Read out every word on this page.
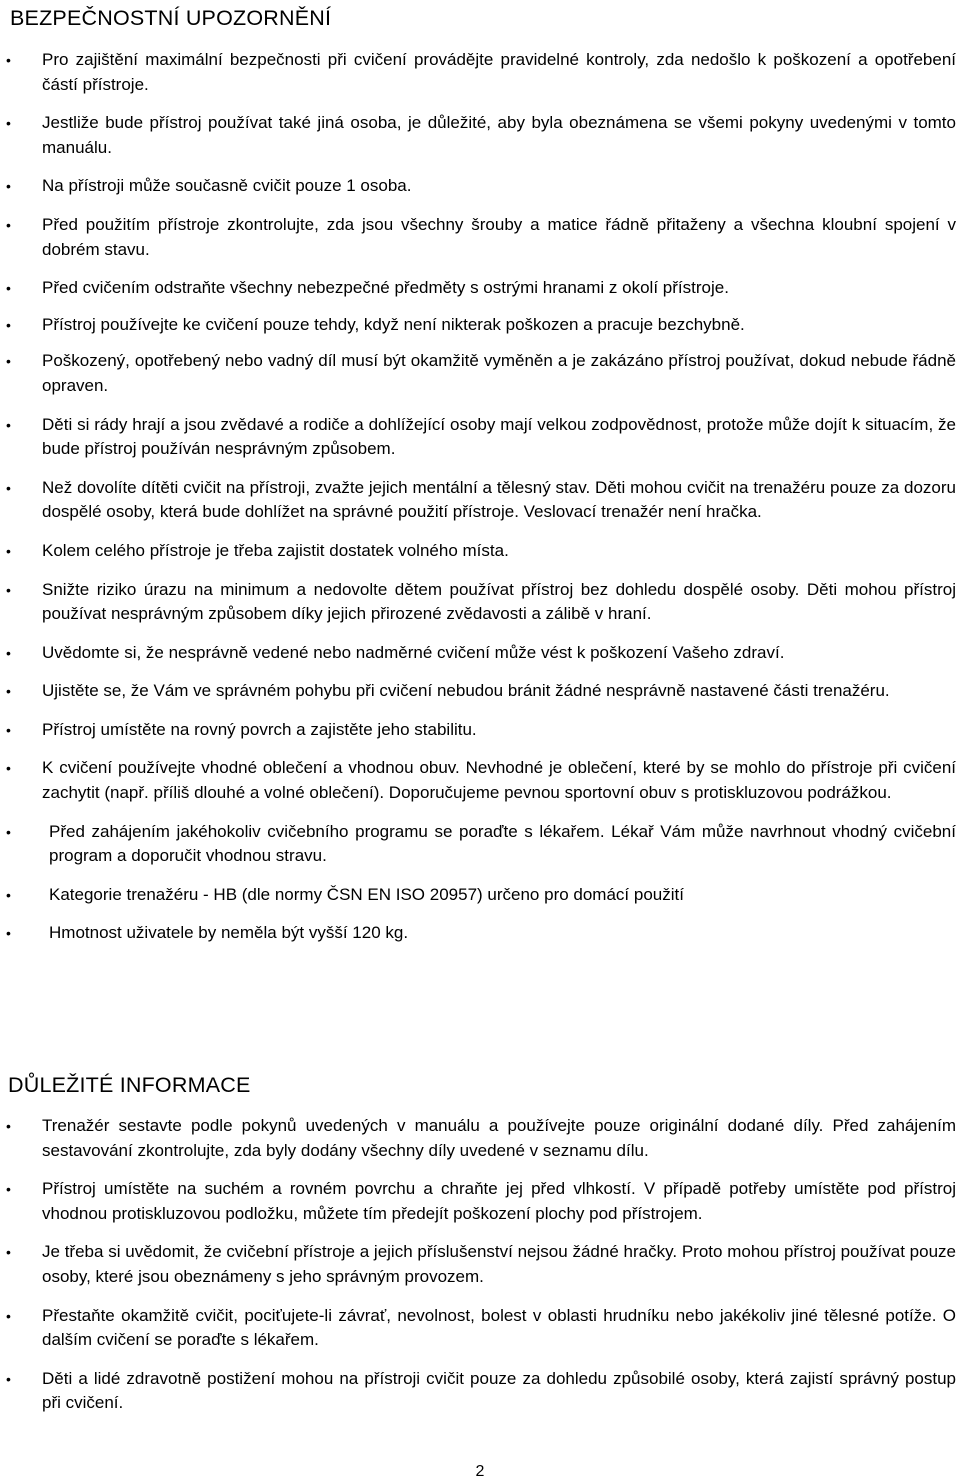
BEZPEČNOSTNÍ UPOZORNĚNÍ
• Pro zajištění maximální bezpečnosti při cvičení provádějte pravidelné kontroly, zda nedošlo k poškození a opotřebení částí přístroje.
• Jestliže bude přístroj používat také jiná osoba, je důležité, aby byla obeznámena se všemi pokyny uvedenými v tomto manuálu.
• Na přístroji může současně cvičit pouze 1 osoba.
• Před použitím přístroje zkontrolujte, zda jsou všechny šrouby a matice řádně přitaženy a všechna kloubní spojení v dobrém stavu.
• Před cvičením odstraňte všechny nebezpečné předměty s ostrými hranami z okolí přístroje.
• Přístroj používejte ke cvičení pouze tehdy, když není nikterak poškozen a pracuje bezchybně.
• Poškozený, opotřebený nebo vadný díl musí být okamžitě vyměněn a je zakázáno přístroj používat, dokud nebude řádně opraven.
• Děti si rády hrají a jsou zvědavé a rodiče a dohlížející osoby mají velkou zodpovědnost, protože může dojít k situacím, že bude přístroj používán nesprávným způsobem.
• Než dovolíte dítěti cvičit na přístroji, zvažte jejich mentální a tělesný stav. Děti mohou cvičit na trenažéru pouze za dozoru dospělé osoby, která bude dohlížet na správné použití přístroje. Veslovací trenažér není hračka.
• Kolem celého přístroje je třeba zajistit dostatek volného místa.
• Snižte riziko úrazu na minimum a nedovolte dětem používat přístroj bez dohledu dospělé osoby. Děti mohou přístroj používat nesprávným způsobem díky jejich přirozené zvědavosti a zálibě v hraní.
• Uvědomte si, že nesprávně vedené nebo nadměrné cvičení může vést k poškození Vašeho zdraví.
• Ujistěte se, že Vám ve správném pohybu při cvičení nebudou bránit žádné nesprávně nastavené části trenažéru.
• Přístroj umístěte na rovný povrch a zajistěte jeho stabilitu.
• K cvičení používejte vhodné oblečení a vhodnou obuv. Nevhodné je oblečení, které by se mohlo do přístroje při cvičení zachytit (např. příliš dlouhé a volné oblečení). Doporučujeme pevnou sportovní obuv s protiskluzovou podrážkou.
• Před zahájením jakéhokoliv cvičebního programu se poraďte s lékařem. Lékař Vám může navrhnout vhodný cvičební program a doporučit vhodnou stravu.
• Kategorie trenažéru - HB (dle normy ČSN EN ISO 20957) určeno pro domácí použití
• Hmotnost uživatele by neměla být vyšší 120 kg.
DŮLEŽITÉ INFORMACE
• Trenažér sestavte podle pokynů uvedených v manuálu a používejte pouze originální dodané díly. Před zahájením sestavování zkontrolujte, zda byly dodány všechny díly uvedené v seznamu dílu.
• Přístroj umístěte na suchém a rovném povrchu a chraňte jej před vlhkostí. V případě potřeby umístěte pod přístroj vhodnou protiskluzovou podložku, můžete tím předejít poškození plochy pod přístrojem.
• Je třeba si uvědomit, že cvičební přístroje a jejich příslušenství nejsou žádné hračky. Proto mohou přístroj používat pouze osoby, které jsou obeznámeny s jeho správným provozem.
• Přestaňte okamžitě cvičit, pociťujete-li závrať, nevolnost, bolest v oblasti hrudníku nebo jakékoliv jiné tělesné potíže. O dalším cvičení se poraďte s lékařem.
• Děti a lidé zdravotně postižení mohou na přístroji cvičit pouze za dohledu způsobilé osoby, která zajistí správný postup při cvičení.
2
